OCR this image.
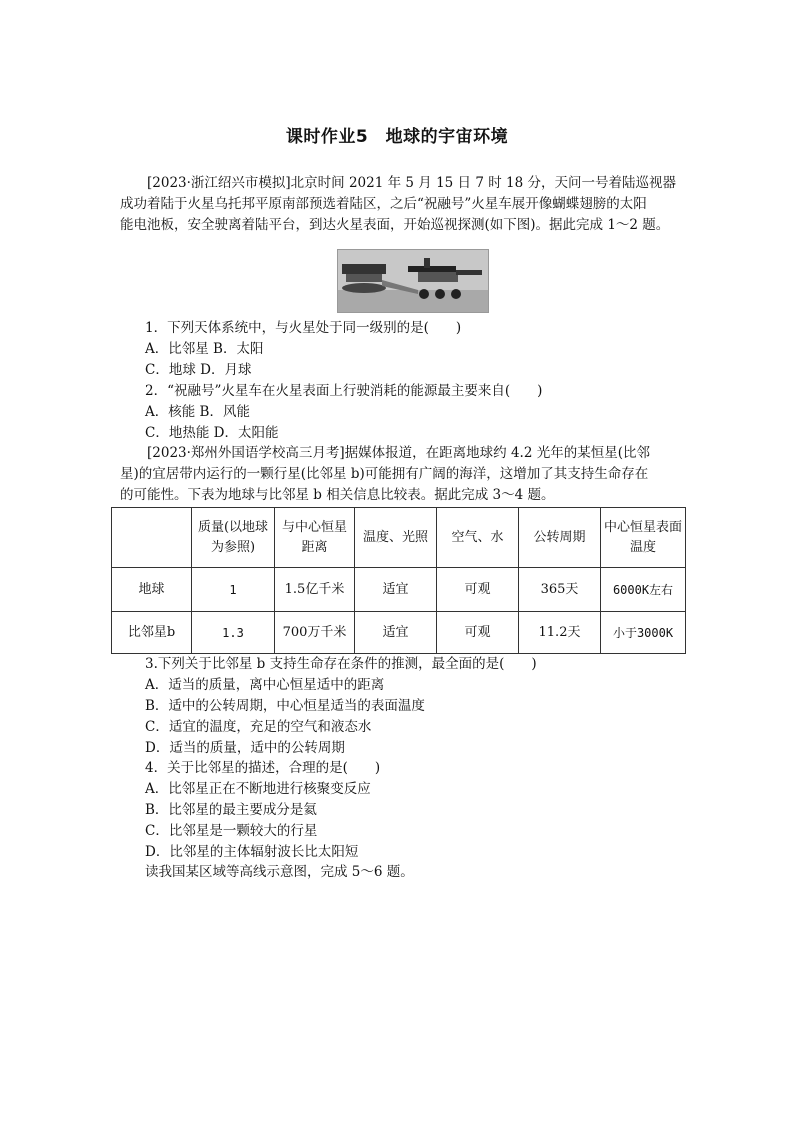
课时作业5　地球的宇宙环境
[2023·浙江绍兴市模拟]北京时间 2021 年 5 月 15 日 7 时 18 分，天问一号着陆巡视器
成功着陆于火星乌托邦平原南部预选着陆区，之后“祝融号”火星车展开像蝴蝶翅膀的太阳
能电池板，安全驶离着陆平台，到达火星表面，开始巡视探测(如下图)。据此完成 1～2 题。
1．下列天体系统中，与火星处于同一级别的是(　　)
A．比邻星 B．太阳
C．地球 D．月球
2．“祝融号”火星车在火星表面上行驶消耗的能源最主要来自(　　)
A．核能 B．风能
C．地热能 D．太阳能
[2023·郑州外国语学校高三月考]据媒体报道，在距离地球约 4.2 光年的某恒星(比邻
星)的宜居带内运行的一颗行星(比邻星 b)可能拥有广阔的海洋，这增加了其支持生命存在
的可能性。下表为地球与比邻星 b 相关信息比较表。据此完成 3～4 题。
	质量(以地球为参照)	与中心恒星距离	温度、光照	空气、水	公转周期	中心恒星表面温度
地球	1	1.5亿千米	适宜	可观	365天	6000K左右
比邻星b	1.3	700万千米	适宜	可观	11.2天	小于3000K
3.下列关于比邻星 b 支持生命存在条件的推测，最全面的是(　　)
A．适当的质量，离中心恒星适中的距离
B．适中的公转周期，中心恒星适当的表面温度
C．适宜的温度，充足的空气和液态水
D．适当的质量，适中的公转周期
4．关于比邻星的描述，合理的是(　　)
A．比邻星正在不断地进行核聚变反应
B．比邻星的最主要成分是氦
C．比邻星是一颗较大的行星
D．比邻星的主体辐射波长比太阳短
读我国某区域等高线示意图，完成 5～6 题。
